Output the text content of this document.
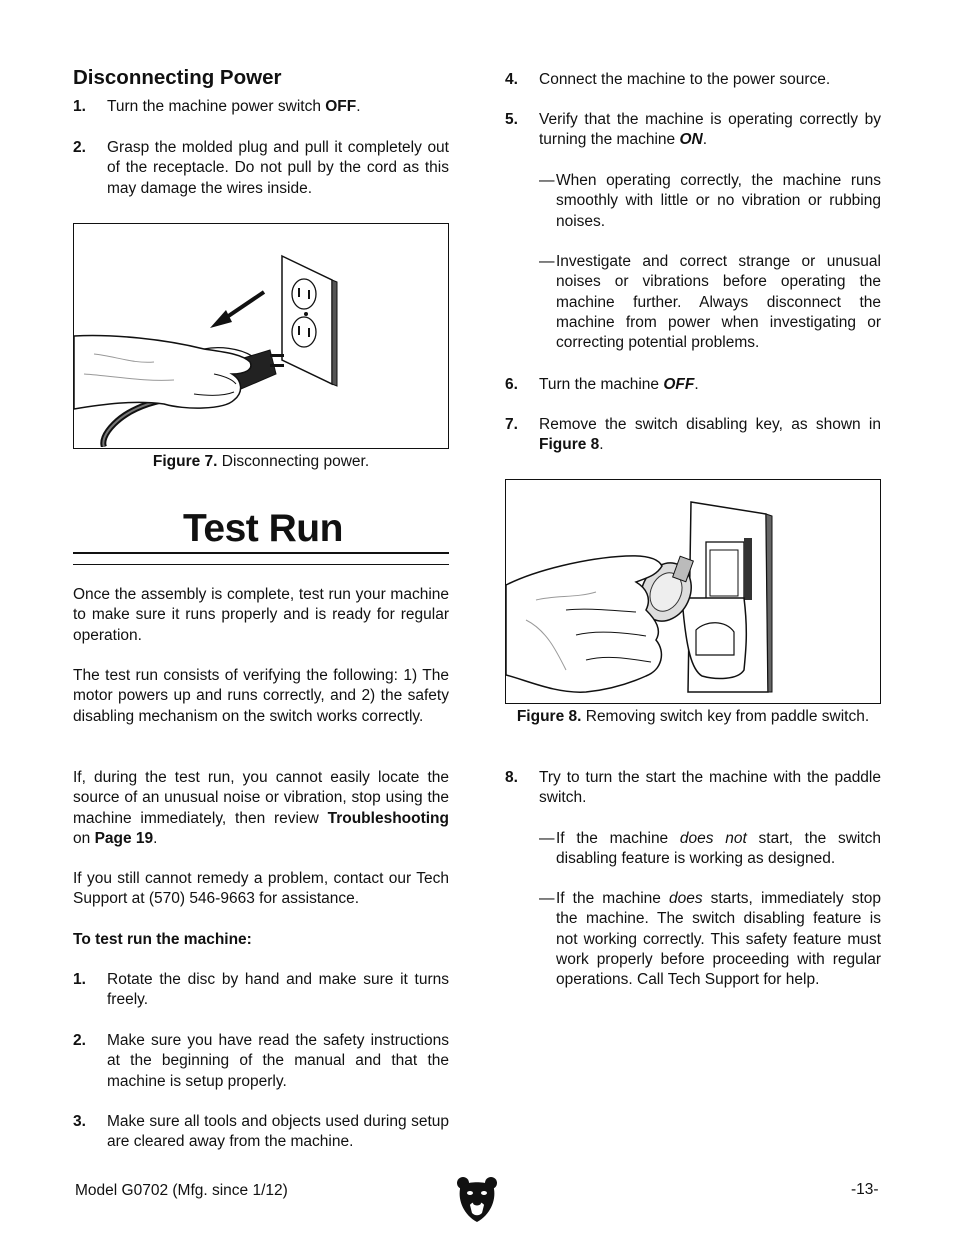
Disconnecting Power
1. Turn the machine power switch OFF.
2. Grasp the molded plug and pull it completely out of the receptacle. Do not pull by the cord as this may damage the wires inside.
Figure 7. Disconnecting power.
Test Run
Once the assembly is complete, test run your machine to make sure it runs properly and is ready for regular operation.
The test run consists of verifying the following: 1) The motor powers up and runs correctly, and 2) the safety disabling mechanism on the switch works correctly.
If, during the test run, you cannot easily locate the source of an unusual noise or vibration, stop using the machine immediately, then review Troubleshooting on Page 19.
If you still cannot remedy a problem, contact our Tech Support at (570) 546-9663 for assistance.
To test run the machine:
1. Rotate the disc by hand and make sure it turns freely.
2. Make sure you have read the safety instructions at the beginning of the manual and that the machine is setup properly.
3. Make sure all tools and objects used during setup are cleared away from the machine.
4. Connect the machine to the power source.
5. Verify that the machine is operating correctly by turning the machine ON.
— When operating correctly, the machine runs smoothly with little or no vibration or rubbing noises.
— Investigate and correct strange or unusual noises or vibrations before operating the machine further. Always disconnect the machine from power when investigating or correcting potential problems.
6. Turn the machine OFF.
7. Remove the switch disabling key, as shown in Figure 8.
Figure 8. Removing switch key from paddle switch.
8. Try to turn the start the machine with the paddle switch.
— If the machine does not start, the switch disabling feature is working as designed.
— If the machine does starts, immediately stop the machine. The switch disabling feature is not working correctly. This safety feature must work properly before proceeding with regular operations. Call Tech Support for help.
Model G0702 (Mfg. since 1/12)	-13-
